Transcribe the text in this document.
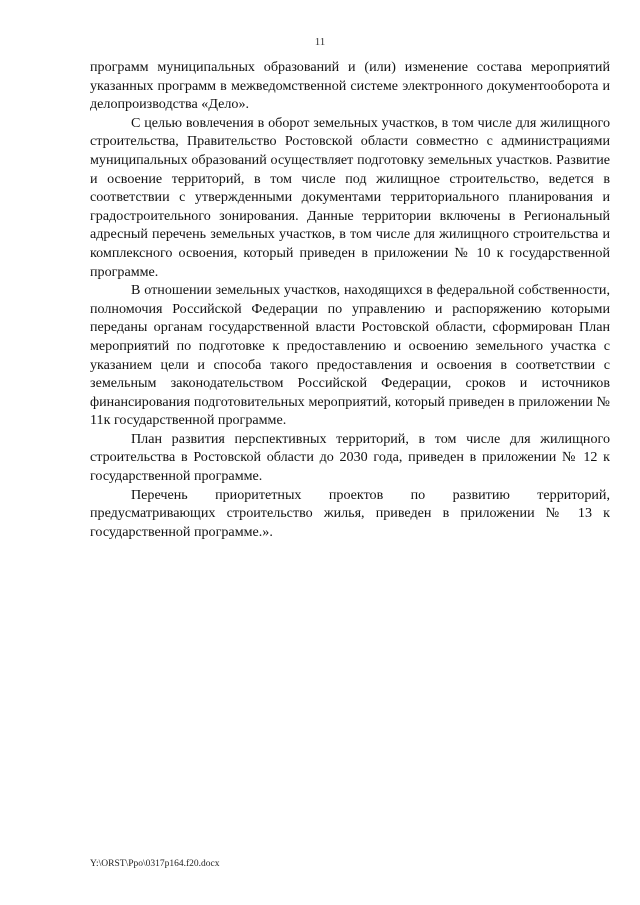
11

программ муниципальных образований и (или) изменение состава мероприятий указанных программ в межведомственной системе электронного документооборота и делопроизводства «Дело».

С целью вовлечения в оборот земельных участков, в том числе для жилищного строительства, Правительство Ростовской области совместно с администрациями муниципальных образований осуществляет подготовку земельных участков. Развитие и освоение территорий, в том числе под жилищное строительство, ведется в соответствии с утвержденными документами территориального планирования и градостроительного зонирования. Данные территории включены в Региональный адресный перечень земельных участков, в том числе для жилищного строительства и комплексного освоения, который приведен в приложении № 10 к государственной программе.

В отношении земельных участков, находящихся в федеральной собственности, полномочия Российской Федерации по управлению и распоряжению которыми переданы органам государственной власти Ростовской области, сформирован План мероприятий по подготовке к предоставлению и освоению земельного участка с указанием цели и способа такого предоставления и освоения в соответствии с земельным законодательством Российской Федерации, сроков и источников финансирования подготовительных мероприятий, который приведен в приложении № 11к государственной программе.

План развития перспективных территорий, в том числе для жилищного строительства в Ростовской области до 2030 года, приведен в приложении № 12 к государственной программе.

Перечень приоритетных проектов по развитию территорий, предусматривающих строительство жилья, приведен в приложении № 13 к государственной программе.».

Y:\ORST\Ppo\0317p164.f20.docx
